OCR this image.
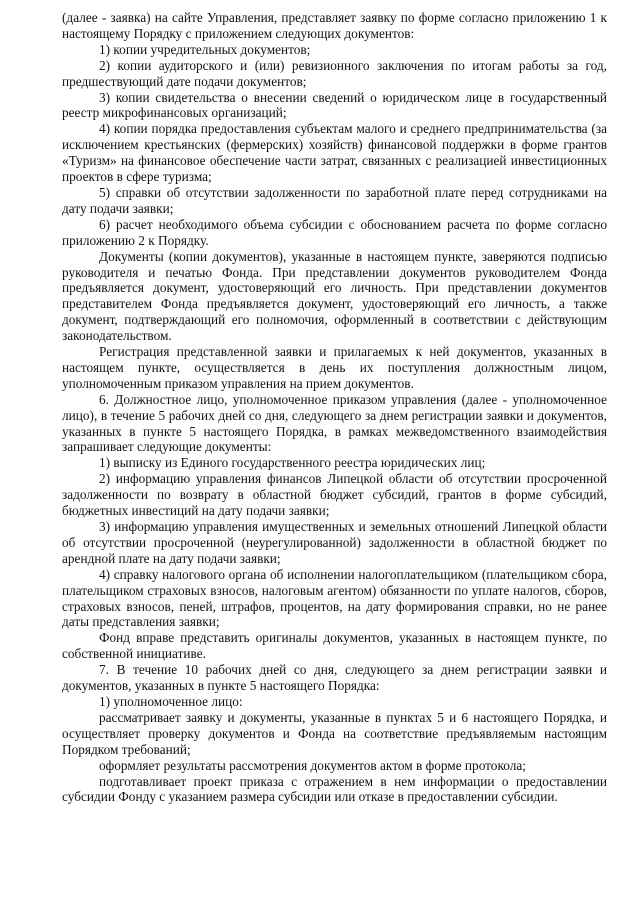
(далее - заявка) на сайте Управления, представляет заявку по форме согласно приложению 1 к настоящему Порядку с приложением следующих документов:

1) копии учредительных документов;

2) копии аудиторского и (или) ревизионного заключения по итогам работы за год, предшествующий дате подачи документов;

3) копии свидетельства о внесении сведений о юридическом лице в государственный реестр микрофинансовых организаций;

4) копии порядка предоставления субъектам малого и среднего предпринимательства (за исключением крестьянских (фермерских) хозяйств) финансовой поддержки в форме грантов «Туризм» на финансовое обеспечение части затрат, связанных с реализацией инвестиционных проектов в сфере туризма;

5) справки об отсутствии задолженности по заработной плате перед сотрудниками на дату подачи заявки;

6) расчет необходимого объема субсидии с обоснованием расчета по форме согласно приложению 2 к Порядку.

Документы (копии документов), указанные в настоящем пункте, заверяются подписью руководителя и печатью Фонда. При представлении документов руководителем Фонда предъявляется документ, удостоверяющий его личность. При представлении документов представителем Фонда предъявляется документ, удостоверяющий его личность, а также документ, подтверждающий его полномочия, оформленный в соответствии с действующим законодательством.

Регистрация представленной заявки и прилагаемых к ней документов, указанных в настоящем пункте, осуществляется в день их поступления должностным лицом, уполномоченным приказом управления на прием документов.

6. Должностное лицо, уполномоченное приказом управления (далее - уполномоченное лицо), в течение 5 рабочих дней со дня, следующего за днем регистрации заявки и документов, указанных в пункте 5 настоящего Порядка, в рамках межведомственного взаимодействия запрашивает следующие документы:

1) выписку из Единого государственного реестра юридических лиц;

2) информацию управления финансов Липецкой области об отсутствии просроченной задолженности по возврату в областной бюджет субсидий, грантов в форме субсидий, бюджетных инвестиций на дату подачи заявки;

3) информацию управления имущественных и земельных отношений Липецкой области об отсутствии просроченной (неурегулированной) задолженности в областной бюджет по арендной плате на дату подачи заявки;

4) справку налогового органа об исполнении налогоплательщиком (плательщиком сбора, плательщиком страховых взносов, налоговым агентом) обязанности по уплате налогов, сборов, страховых взносов, пеней, штрафов, процентов, на дату формирования справки, но не ранее даты представления заявки;

Фонд вправе представить оригиналы документов, указанных в настоящем пункте, по собственной инициативе.

7. В течение 10 рабочих дней со дня, следующего за днем регистрации заявки и документов, указанных в пункте 5 настоящего Порядка:

1) уполномоченное лицо:

рассматривает заявку и документы, указанные в пунктах 5 и 6 настоящего Порядка, и осуществляет проверку документов и Фонда на соответствие предъявляемым настоящим Порядком требований;

оформляет результаты рассмотрения документов актом в форме протокола;

подготавливает проект приказа с отражением в нем информации о предоставлении субсидии Фонду с указанием размера субсидии или отказе в предоставлении субсидии.
